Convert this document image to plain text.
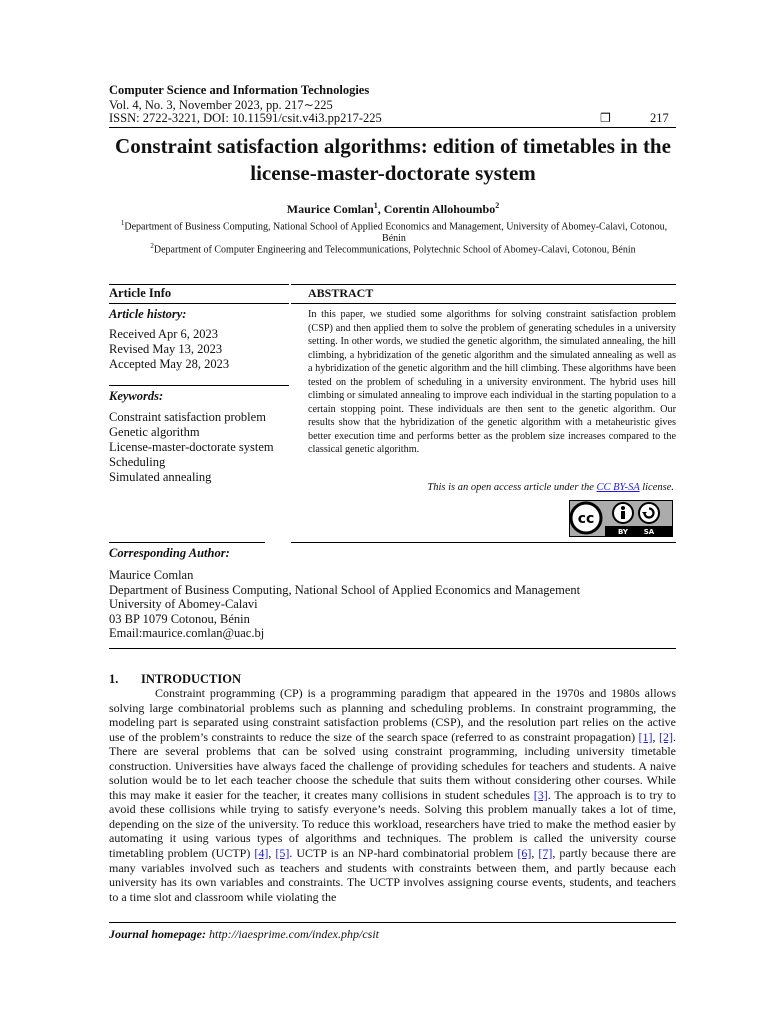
Computer Science and Information Technologies
Vol. 4, No. 3, November 2023, pp. 217∼225
ISSN: 2722-3221, DOI: 10.11591/csit.v4i3.pp217-225	❒	217
Constraint satisfaction algorithms: edition of timetables in the license-master-doctorate system
Maurice Comlan$^1$, Corentin Allohoumbo$^2$
$^1$Department of Business Computing, National School of Applied Economics and Management, University of Abomey-Calavi, Cotonou, Bénin
$^2$Department of Computer Engineering and Telecommunications, Polytechnic School of Abomey-Calavi, Cotonou, Bénin
Article Info
Article history:
Received Apr 6, 2023
Revised May 13, 2023
Accepted May 28, 2023
Keywords:
Constraint satisfaction problem
Genetic algorithm
License-master-doctorate system
Scheduling
Simulated annealing
ABSTRACT
In this paper, we studied some algorithms for solving constraint satisfaction problem (CSP) and then applied them to solve the problem of generating schedules in a university setting. In other words, we studied the genetic algorithm, the simulated annealing, the hill climbing, a hybridization of the genetic algorithm and the simulated annealing as well as a hybridization of the genetic algorithm and the hill climbing. These algorithms have been tested on the problem of scheduling in a university environment. The hybrid uses hill climbing or simulated annealing to improve each individual in the starting population to a certain stopping point. These individuals are then sent to the genetic algorithm. Our results show that the hybridization of the genetic algorithm with a metaheuristic gives better execution time and performs better as the problem size increases compared to the classical genetic algorithm.
This is an open access article under the CC BY-SA license.
cc
BY SA
Corresponding Author:
Maurice Comlan
Department of Business Computing, National School of Applied Economics and Management
University of Abomey-Calavi
03 BP 1079 Cotonou, Bénin
Email:maurice.comlan@uac.bj
1. INTRODUCTION

Constraint programming (CP) is a programming paradigm that appeared in the 1970s and 1980s allows solving large combinatorial problems such as planning and scheduling problems. In constraint programming, the modeling part is separated using constraint satisfaction problems (CSP), and the resolution part relies on the active use of the problem’s constraints to reduce the size of the search space (referred to as constraint propagation) [1], [2]. There are several problems that can be solved using constraint programming, including university timetable construction. Universities have always faced the challenge of providing schedules for teachers and students. A naive solution would be to let each teacher choose the schedule that suits them without considering other courses. While this may make it easier for the teacher, it creates many collisions in student schedules [3]. The approach is to try to avoid these collisions while trying to satisfy everyone’s needs. Solving this problem manually takes a lot of time, depending on the size of the university. To reduce this workload, researchers have tried to make the method easier by automating it using various types of algorithms and techniques. The problem is called the university course timetabling problem (UCTP) [4], [5]. UCTP is an NP-hard combinatorial problem [6], [7], partly because there are many variables involved such as teachers and students with constraints between them, and partly because each university has its own variables and constraints. The UCTP involves assigning course events, students, and teachers to a time slot and classroom while violating the

Journal homepage: http://iaesprime.com/index.php/csit
